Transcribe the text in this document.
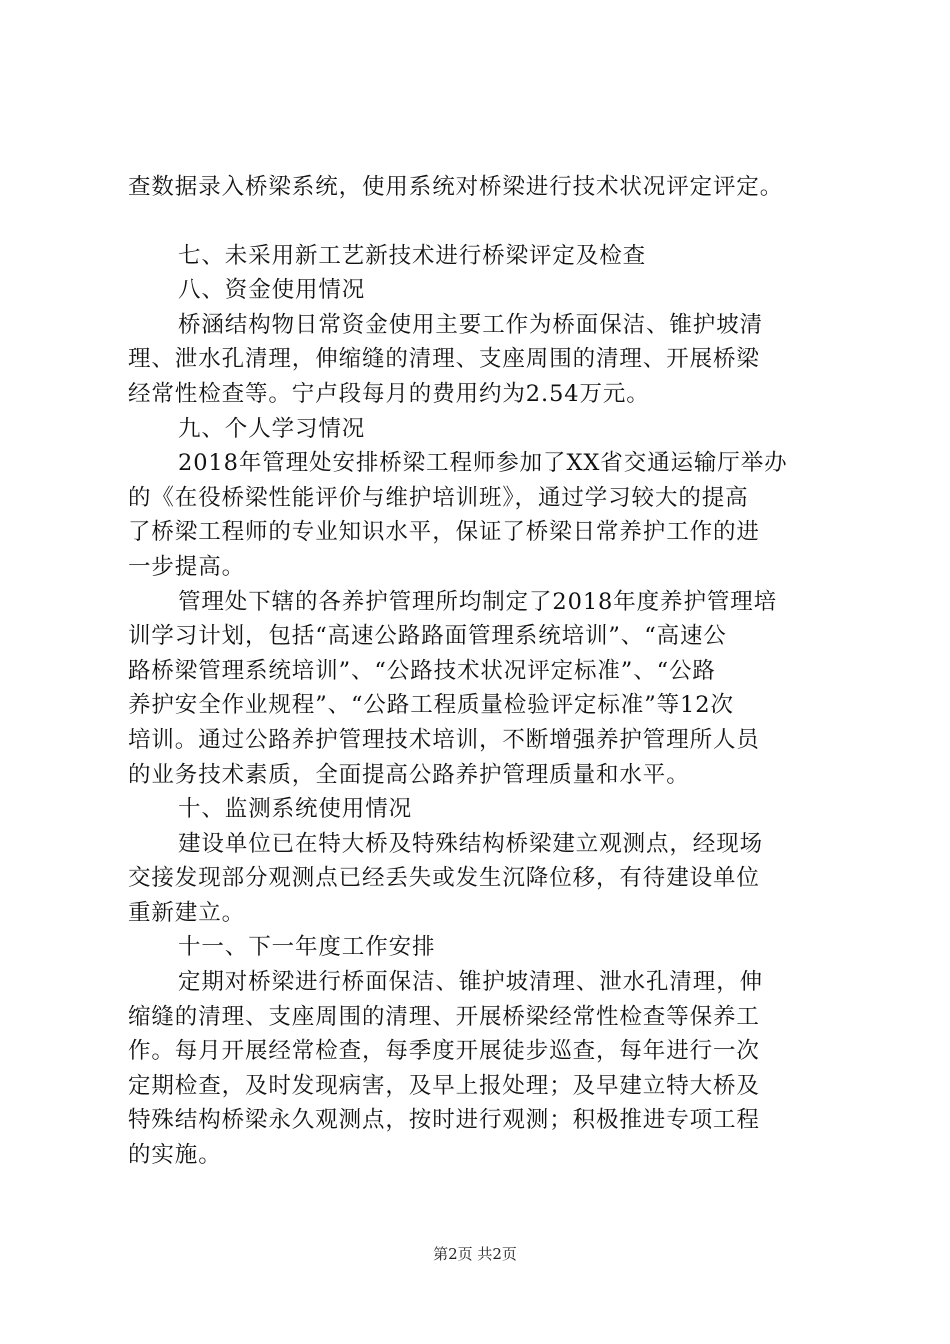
查数据录入桥梁系统，使用系统对桥梁进行技术状况评定评定。
七、未采用新工艺新技术进行桥梁评定及检查
八、资金使用情况
桥涵结构物日常资金使用主要工作为桥面保洁、锥护坡清
理、泄水孔清理，伸缩缝的清理、支座周围的清理、开展桥梁
经常性检查等。宁卢段每月的费用约为2.54万元。
九、个人学习情况
2018年管理处安排桥梁工程师参加了XX省交通运输厅举办
的《在役桥梁性能评价与维护培训班》，通过学习较大的提高
了桥梁工程师的专业知识水平，保证了桥梁日常养护工作的进
一步提高。
管理处下辖的各养护管理所均制定了2018年度养护管理培
训学习计划，包括“高速公路路面管理系统培训”、“高速公
路桥梁管理系统培训”、“公路技术状况评定标准”、“公路
养护安全作业规程”、“公路工程质量检验评定标准”等12次
培训。通过公路养护管理技术培训，不断增强养护管理所人员
的业务技术素质，全面提高公路养护管理质量和水平。
十、监测系统使用情况
建设单位已在特大桥及特殊结构桥梁建立观测点，经现场
交接发现部分观测点已经丢失或发生沉降位移，有待建设单位
重新建立。
十一、下一年度工作安排
定期对桥梁进行桥面保洁、锥护坡清理、泄水孔清理，伸
缩缝的清理、支座周围的清理、开展桥梁经常性检查等保养工
作。每月开展经常检查，每季度开展徒步巡查，每年进行一次
定期检查，及时发现病害，及早上报处理；及早建立特大桥及
特殊结构桥梁永久观测点，按时进行观测；积极推进专项工程
的实施。
第2页 共2页
